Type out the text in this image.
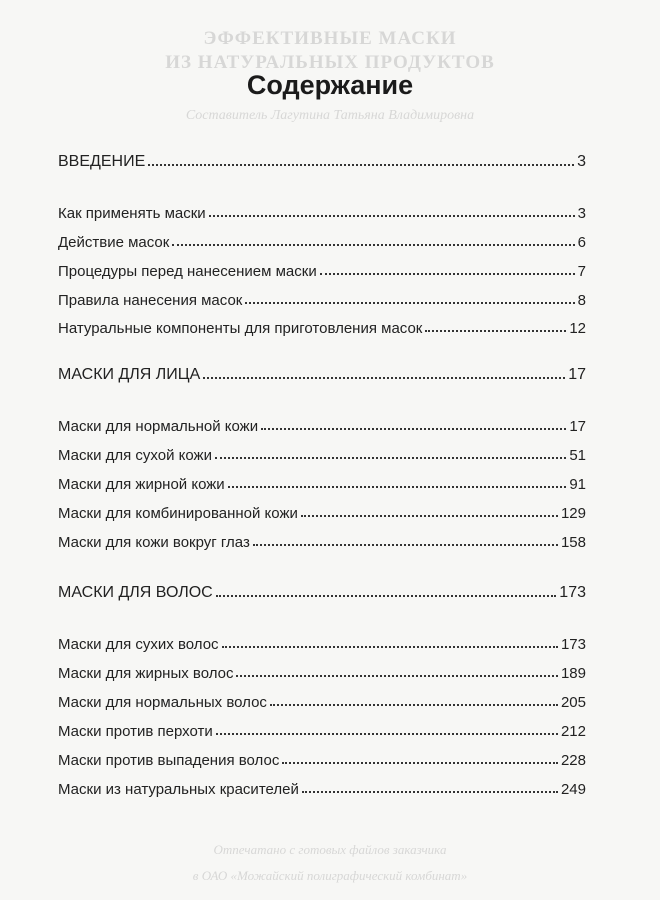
ЭФФЕКТИВНЫЕ МАСКИ
ИЗ НАТУРАЛЬНЫХ ПРОДУКТОВ
Составитель Лагутина Татьяна Владимировна
Отпечатано с готовых файлов заказчика
в ОАО «Можайский полиграфический комбинат»
Содержание
ВВЕДЕНИЕ	3
Как применять маски	3
Действие масок	6
Процедуры перед нанесением маски	7
Правила нанесения масок	8
Натуральные компоненты для приготовления масок	12
МАСКИ ДЛЯ ЛИЦА	17
Маски для нормальной кожи	17
Маски для сухой кожи	51
Маски для жирной кожи	91
Маски для комбинированной кожи	129
Маски для кожи вокруг глаз	158
МАСКИ ДЛЯ ВОЛОС	173
Маски для сухих волос	173
Маски для жирных волос	189
Маски для нормальных волос	205
Маски против перхоти	212
Маски против выпадения волос	228
Маски из натуральных красителей	249
